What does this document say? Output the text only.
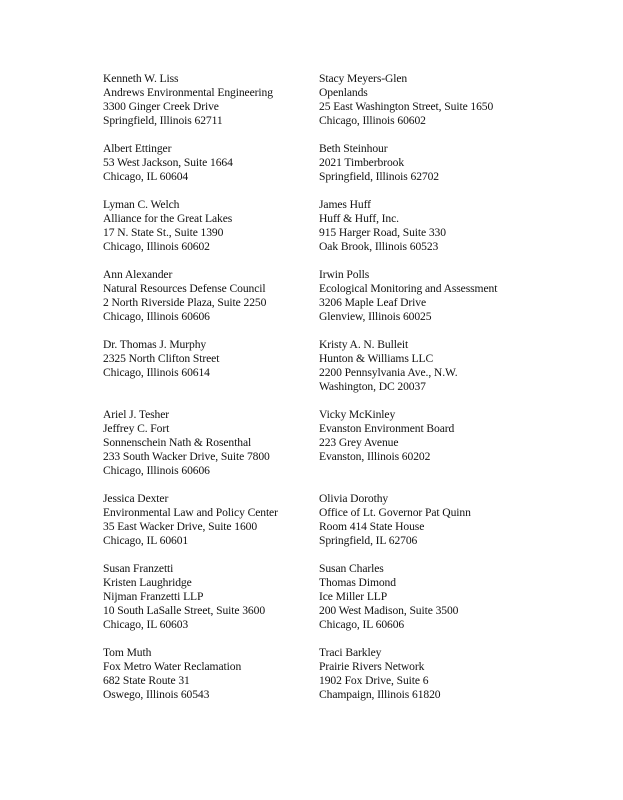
Kenneth W. Liss
Andrews Environmental Engineering
3300 Ginger Creek Drive
Springfield, Illinois 62711
Albert Ettinger
53 West Jackson, Suite 1664
Chicago, IL 60604
Lyman C. Welch
Alliance for the Great Lakes
17 N. State St., Suite 1390
Chicago, Illinois 60602
Ann Alexander
Natural Resources Defense Council
2 North Riverside Plaza, Suite 2250
Chicago, Illinois 60606
Dr. Thomas J. Murphy
2325 North Clifton Street
Chicago, Illinois 60614
Ariel J. Tesher
Jeffrey C. Fort
Sonnenschein Nath & Rosenthal
233 South Wacker Drive, Suite 7800
Chicago, Illinois 60606
Jessica Dexter
Environmental Law and Policy Center
35 East Wacker Drive, Suite 1600
Chicago, IL 60601
Susan Franzetti
Kristen Laughridge
Nijman Franzetti LLP
10 South LaSalle Street, Suite 3600
Chicago, IL 60603
Tom Muth
Fox Metro Water Reclamation
682 State Route 31
Oswego, Illinois 60543
Stacy Meyers-Glen
Openlands
25 East Washington Street, Suite 1650
Chicago, Illinois 60602
Beth Steinhour
2021 Timberbrook
Springfield, Illinois 62702
James Huff
Huff & Huff, Inc.
915 Harger Road, Suite 330
Oak Brook, Illinois 60523
Irwin Polls
Ecological Monitoring and Assessment
3206 Maple Leaf Drive
Glenview, Illinois 60025
Kristy A. N. Bulleit
Hunton & Williams LLC
2200 Pennsylvania Ave., N.W.
Washington, DC 20037
Vicky McKinley
Evanston Environment Board
223 Grey Avenue
Evanston, Illinois 60202
Olivia Dorothy
Office of Lt. Governor Pat Quinn
Room 414 State House
Springfield, IL 62706
Susan Charles
Thomas Dimond
Ice Miller LLP
200 West Madison, Suite 3500
Chicago, IL 60606
Traci Barkley
Prairie Rivers Network
1902 Fox Drive, Suite 6
Champaign, Illinois 61820
